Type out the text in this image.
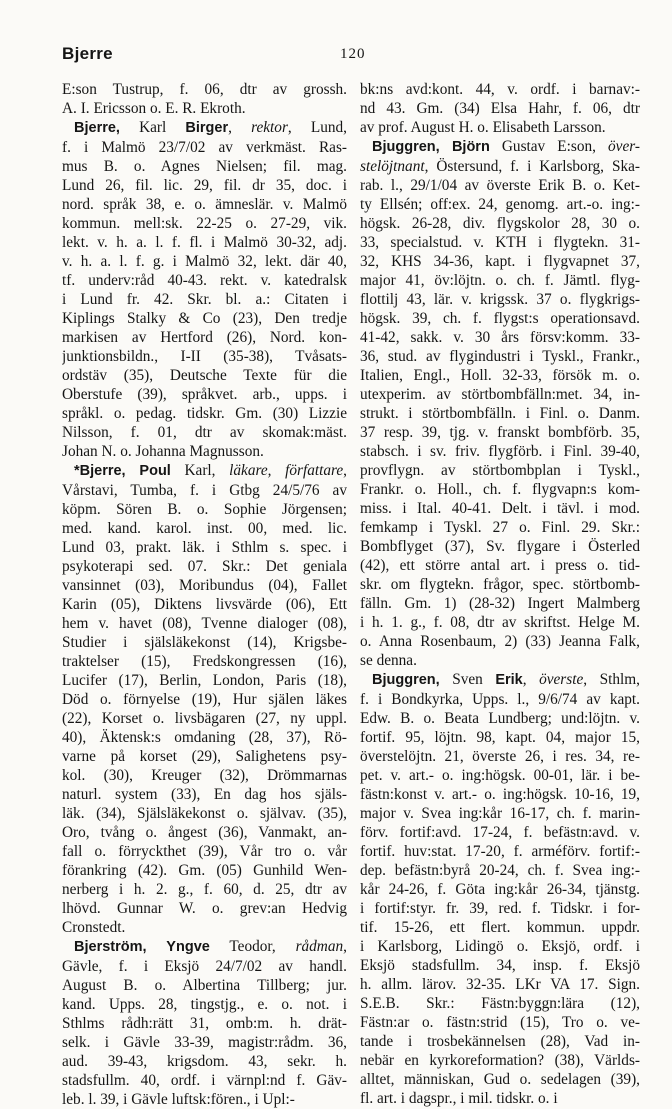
Bjerre	120
E:son Tustrup, f. 06, dtr av grossh.
A. I. Ericsson o. E. R. Ekroth.
Bjerre, Karl Birger, rektor, Lund,
f. i Malmö 23/7/02 av verkmäst. Ras-
mus B. o. Agnes Nielsen; fil. mag.
Lund 26, fil. lic. 29, fil. dr 35, doc. i
nord. språk 38, e. o. ämneslär. v. Malmö
kommun. mell:sk. 22-25 o. 27-29, vik.
lekt. v. h. a. l. f. fl. i Malmö 30-32, adj.
v. h. a. l. f. g. i Malmö 32, lekt. där 40,
tf. underv:råd 40-43. rekt. v. katedralsk
i Lund fr. 42. Skr. bl. a.: Citaten i
Kiplings Stalky & Co (23), Den tredje
markisen av Hertford (26), Nord. kon-
junktionsbildn., I-II (35-38), Tvåsats-
ordstäv (35), Deutsche Texte für die
Oberstufe (39), språkvet. arb., upps. i
språkl. o. pedag. tidskr. Gm. (30) Lizzie
Nilsson, f. 01, dtr av skomak:mäst.
Johan N. o. Johanna Magnusson.
*Bjerre, Poul Karl, läkare, författare,
Vårstavi, Tumba, f. i Gtbg 24/5/76 av
köpm. Sören B. o. Sophie Jörgensen;
med. kand. karol. inst. 00, med. lic.
Lund 03, prakt. läk. i Sthlm s. spec. i
psykoterapi sed. 07. Skr.: Det geniala
vansinnet (03), Moribundus (04), Fallet
Karin (05), Diktens livsvärde (06), Ett
hem v. havet (08), Tvenne dialoger (08),
Studier i själsläkekonst (14), Krigsbe-
traktelser (15), Fredskongressen (16),
Lucifer (17), Berlin, London, Paris (18),
Död o. förnyelse (19), Hur själen läkes
(22), Korset o. livsbägaren (27, ny uppl.
40), Äktensk:s omdaning (28, 37), Rö-
varne på korset (29), Salighetens psy-
kol. (30), Kreuger (32), Drömmarnas
naturl. system (33), En dag hos själs-
läk. (34), Själsläkekonst o. självav. (35),
Oro, tvång o. ångest (36), Vanmakt, an-
fall o. förryckthet (39), Vår tro o. vår
förankring (42). Gm. (05) Gunhild Wen-
nerberg i h. 2. g., f. 60, d. 25, dtr av
lhövd. Gunnar W. o. grev:an Hedvig
Cronstedt.
Bjerström, Yngve Teodor, rådman,
Gävle, f. i Eksjö 24/7/02 av handl.
August B. o. Albertina Tillberg; jur.
kand. Upps. 28, tingstjg., e. o. not. i
Sthlms rådh:rätt 31, omb:m. h. drät-
selk. i Gävle 33-39, magistr:rådm. 36,
aud. 39-43, krigsdom. 43, sekr. h.
stadsfullm. 40, ordf. i värnpl:nd f. Gäv-
leb. l. 39, i Gävle luftsk:fören., i Upl:-
bk:ns avd:kont. 44, v. ordf. i barnav:-
nd 43. Gm. (34) Elsa Hahr, f. 06, dtr
av prof. August H. o. Elisabeth Larsson.
Bjuggren, Björn Gustav E:son, över-
stelöjtnant, Östersund, f. i Karlsborg, Ska-
rab. l., 29/1/04 av överste Erik B. o. Ket-
ty Ellsén; off:ex. 24, genomg. art.-o. ing:-
högsk. 26-28, div. flygskolor 28, 30 o.
33, specialstud. v. KTH i flygtekn. 31-
32, KHS 34-36, kapt. i flygvapnet 37,
major 41, öv:löjtn. o. ch. f. Jämtl. flyg-
flottilj 43, lär. v. krigssk. 37 o. flygkrigs-
högsk. 39, ch. f. flygst:s operationsavd.
41-42, sakk. v. 30 års försv:komm. 33-
36, stud. av flygindustri i Tyskl., Frankr.,
Italien, Engl., Holl. 32-33, försök m. o.
utexperim. av störtbombfälln:met. 34, in-
strukt. i störtbombfälln. i Finl. o. Danm.
37 resp. 39, tjg. v. franskt bombförb. 35,
stabsch. i sv. friv. flygförb. i Finl. 39-40,
provflygn. av störtbombplan i Tyskl.,
Frankr. o. Holl., ch. f. flygvapn:s kom-
miss. i Ital. 40-41. Delt. i tävl. i mod.
femkamp i Tyskl. 27 o. Finl. 29. Skr.:
Bombflyget (37), Sv. flygare i Österled
(42), ett större antal art. i press o. tid-
skr. om flygtekn. frågor, spec. störtbomb-
fälln. Gm. 1) (28-32) Ingert Malmberg
i h. 1. g., f. 08, dtr av skriftst. Helge M.
o. Anna Rosenbaum, 2) (33) Jeanna Falk,
se denna.
Bjuggren, Sven Erik, överste, Sthlm,
f. i Bondkyrka, Upps. l., 9/6/74 av kapt.
Edw. B. o. Beata Lundberg; und:löjtn. v.
fortif. 95, löjtn. 98, kapt. 04, major 15,
överstelöjtn. 21, överste 26, i res. 34, re-
pet. v. art.- o. ing:högsk. 00-01, lär. i be-
fästn:konst v. art.- o. ing:högsk. 10-16, 19,
major v. Svea ing:kår 16-17, ch. f. marin-
förv. fortif:avd. 17-24, f. befästn:avd. v.
fortif. huv:stat. 17-20, f. arméförv. fortif:-
dep. befästn:byrå 20-24, ch. f. Svea ing:-
kår 24-26, f. Göta ing:kår 26-34, tjänstg.
i fortif:styr. fr. 39, red. f. Tidskr. i for-
tif. 15-26, ett flert. kommun. uppdr.
i Karlsborg, Lidingö o. Eksjö, ordf. i
Eksjö stadsfullm. 34, insp. f. Eksjö
h. allm. lärov. 32-35. LKr VA 17. Sign.
S.E.B. Skr.: Fästn:byggn:lära (12),
Fästn:ar o. fästn:strid (15), Tro o. ve-
tande i trosbekännelsen (28), Vad in-
nebär en kyrkoreformation? (38), Världs-
alltet, människan, Gud o. sedelagen (39),
fl. art. i dagspr., i mil. tidskr. o. i
